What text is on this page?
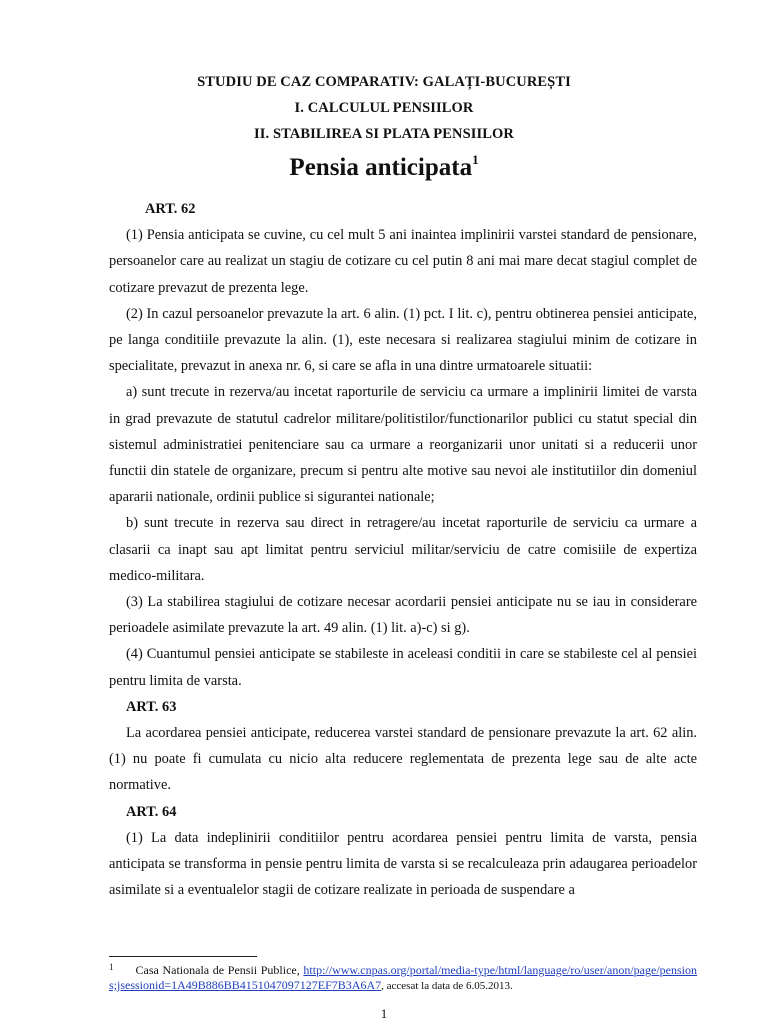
STUDIU DE CAZ COMPARATIV: GALAȚI-BUCUREȘTI
I. CALCULUL PENSIILOR
II. STABILIREA SI PLATA PENSIILOR
Pensia anticipata$^1$

ART. 62

(1) Pensia anticipata se cuvine, cu cel mult 5 ani inaintea implinirii varstei standard de pensionare, persoanelor care au realizat un stagiu de cotizare cu cel putin 8 ani mai mare decat stagiul complet de cotizare prevazut de prezenta lege.

(2) In cazul persoanelor prevazute la art. 6 alin. (1) pct. I lit. c), pentru obtinerea pensiei anticipate, pe langa conditiile prevazute la alin. (1), este necesara si realizarea stagiului minim de cotizare in specialitate, prevazut in anexa nr. 6, si care se afla in una dintre urmatoarele situatii:

a) sunt trecute in rezerva/au incetat raporturile de serviciu ca urmare a implinirii limitei de varsta in grad prevazute de statutul cadrelor militare/politistilor/functionarilor publici cu statut special din sistemul administratiei penitenciare sau ca urmare a reorganizarii unor unitati si a reducerii unor functii din statele de organizare, precum si pentru alte motive sau nevoi ale institutiilor din domeniul apararii nationale, ordinii publice si sigurantei nationale;

b) sunt trecute in rezerva sau direct in retragere/au incetat raporturile de serviciu ca urmare a clasarii ca inapt sau apt limitat pentru serviciul militar/serviciu de catre comisiile de expertiza medico-militara.

(3) La stabilirea stagiului de cotizare necesar acordarii pensiei anticipate nu se iau in considerare perioadele asimilate prevazute la art. 49 alin. (1) lit. a)-c) si g).

(4) Cuantumul pensiei anticipate se stabileste in aceleasi conditii in care se stabileste cel al pensiei pentru limita de varsta.

ART. 63

La acordarea pensiei anticipate, reducerea varstei standard de pensionare prevazute la art. 62 alin. (1) nu poate fi cumulata cu nicio alta reducere reglementata de prezenta lege sau de alte acte normative.

ART. 64

(1) La data indeplinirii conditiilor pentru acordarea pensiei pentru limita de varsta, pensia anticipata se transforma in pensie pentru limita de varsta si se recalculeaza prin adaugarea perioadelor asimilate si a eventualelor stagii de cotizare realizate in perioada de suspendare a

$^1$ Casa Nationala de Pensii Publice, http://www.cnpas.org/portal/media-type/html/language/ro/user/anon/page/pensions;jsessionid=1A49B886BB4151047097127EF7B3A6A7, accesat la data de 6.05.2013.
1
